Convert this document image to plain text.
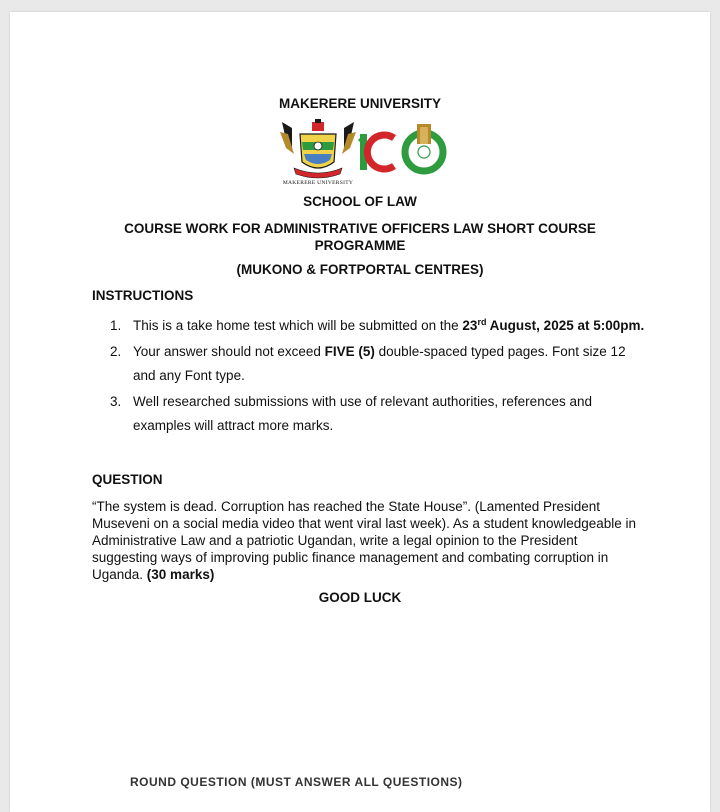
MAKERERE UNIVERSITY
MAKERERE UNIVERSITY
SCHOOL OF LAW
COURSE WORK FOR ADMINISTRATIVE OFFICERS LAW SHORT COURSE PROGRAMME
(MUKONO & FORTPORTAL CENTRES)
INSTRUCTIONS
1. This is a take home test which will be submitted on the 23rd August, 2025 at 5:00pm.
2. Your answer should not exceed FIVE (5) double-spaced typed pages. Font size 12 and any Font type.
3. Well researched submissions with use of relevant authorities, references and examples will attract more marks.
QUESTION
“The system is dead. Corruption has reached the State House”. (Lamented President Museveni on a social media video that went viral last week). As a student knowledgeable in Administrative Law and a patriotic Ugandan, write a legal opinion to the President suggesting ways of improving public finance management and combating corruption in Uganda. (30 marks)
GOOD LUCK
ROUND QUESTION (MUST ANSWER ALL QUESTIONS)
